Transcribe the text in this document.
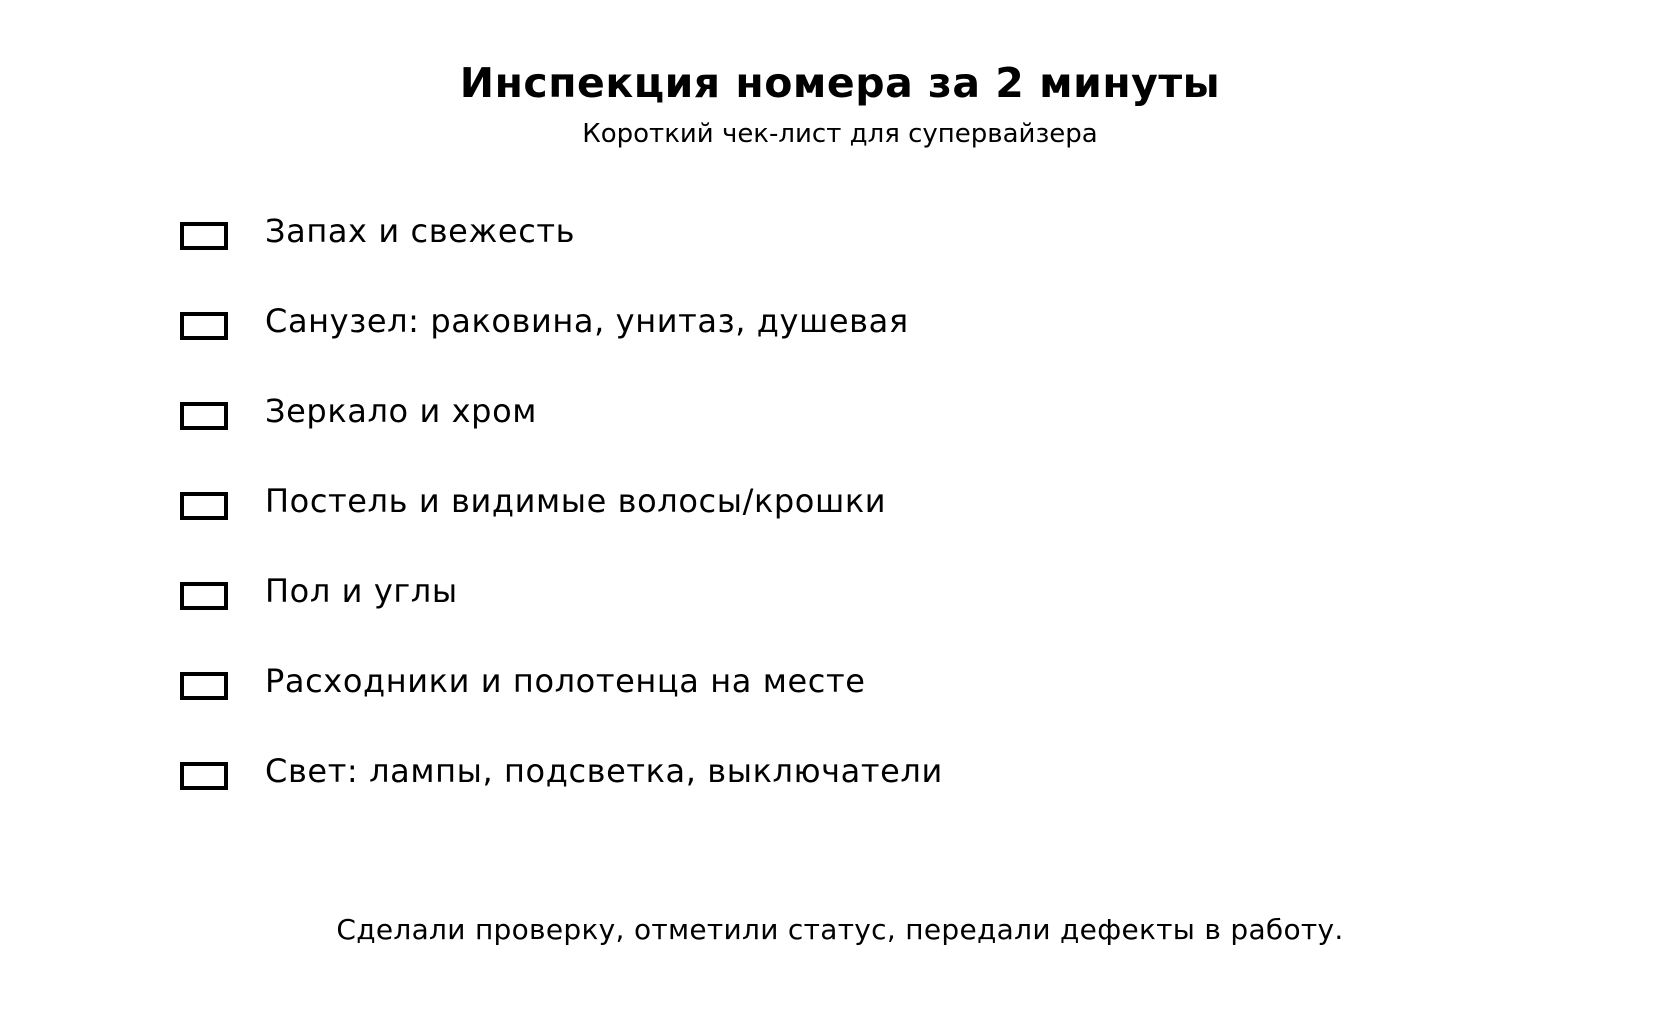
Инспекция номера за 2 минуты

Короткий чек-лист для супервайзера

Запах и свежесть
Санузел: раковина, унитаз, душевая
Зеркало и хром
Постель и видимые волосы/крошки
Пол и углы
Расходники и полотенца на месте
Свет: лампы, подсветка, выключатели

Сделали проверку, отметили статус, передали дефекты в работу.
